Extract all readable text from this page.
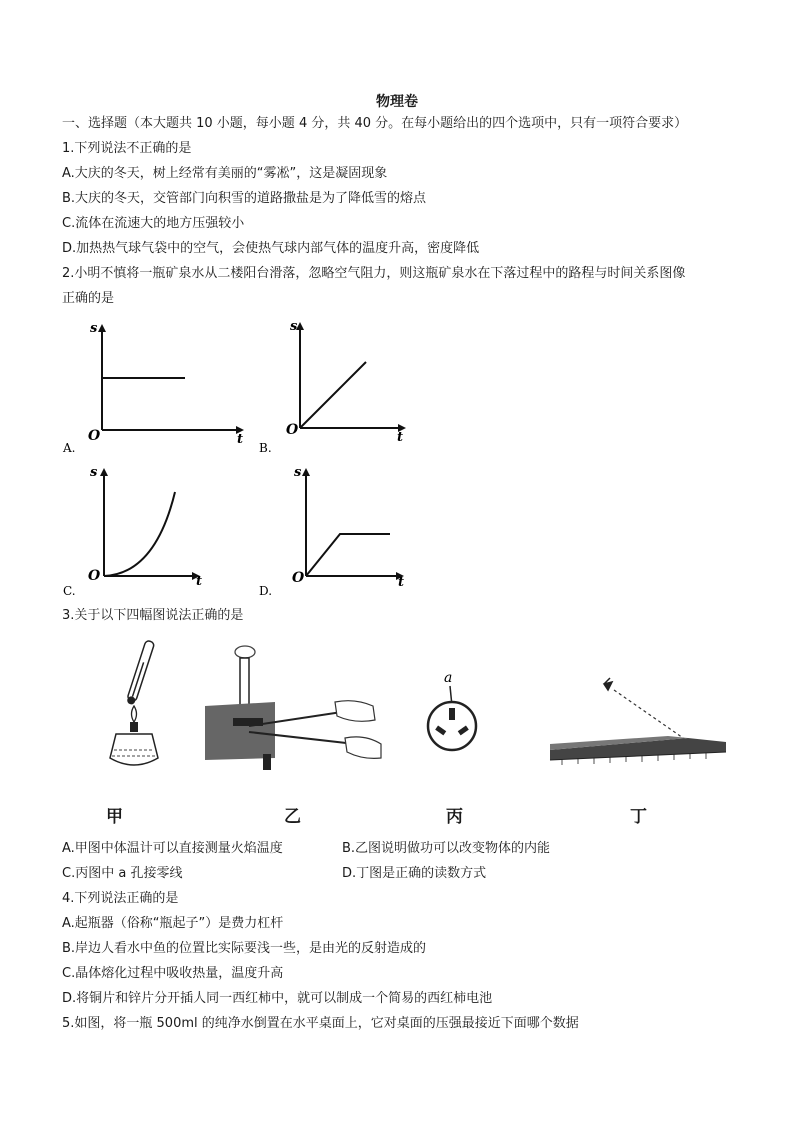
物理卷
一、选择题（本大题共 10 小题，每小题 4 分，共 40 分。在每小题给出的四个选项中，只有一项符合要求）
1.下列说法不正确的是
A.大庆的冬天，树上经常有美丽的“雾凇”，这是凝固现象
B.大庆的冬天，交管部门向积雪的道路撒盐是为了降低雪的熔点
C.流体在流速大的地方压强较小
D.加热热气球气袋中的空气，会使热气球内部气体的温度升高，密度降低
2.小明不慎将一瓶矿泉水从二楼阳台滑落，忽略空气阻力，则这瓶矿泉水在下落过程中的路程与时间关系图像
正确的是
s
t
O
A.
s
t
O
B.
s
t
O
C.
s
t
O
D.
3.关于以下四幅图说法正确的是
甲	乙
a
丙	丁
A.甲图中体温计可以直接测量火焰温度	B.乙图说明做功可以改变物体的内能
C.丙图中 a 孔接零线	D.丁图是正确的读数方式
4.下列说法正确的是
A.起瓶器（俗称“瓶起子”）是费力杠杆
B.岸边人看水中鱼的位置比实际要浅一些，是由光的反射造成的
C.晶体熔化过程中吸收热量，温度升高
D.将铜片和锌片分开插人同一西红柿中，就可以制成一个简易的西红柿电池
5.如图，将一瓶 500ml 的纯净水倒置在水平桌面上，它对桌面的压强最接近下面哪个数据
